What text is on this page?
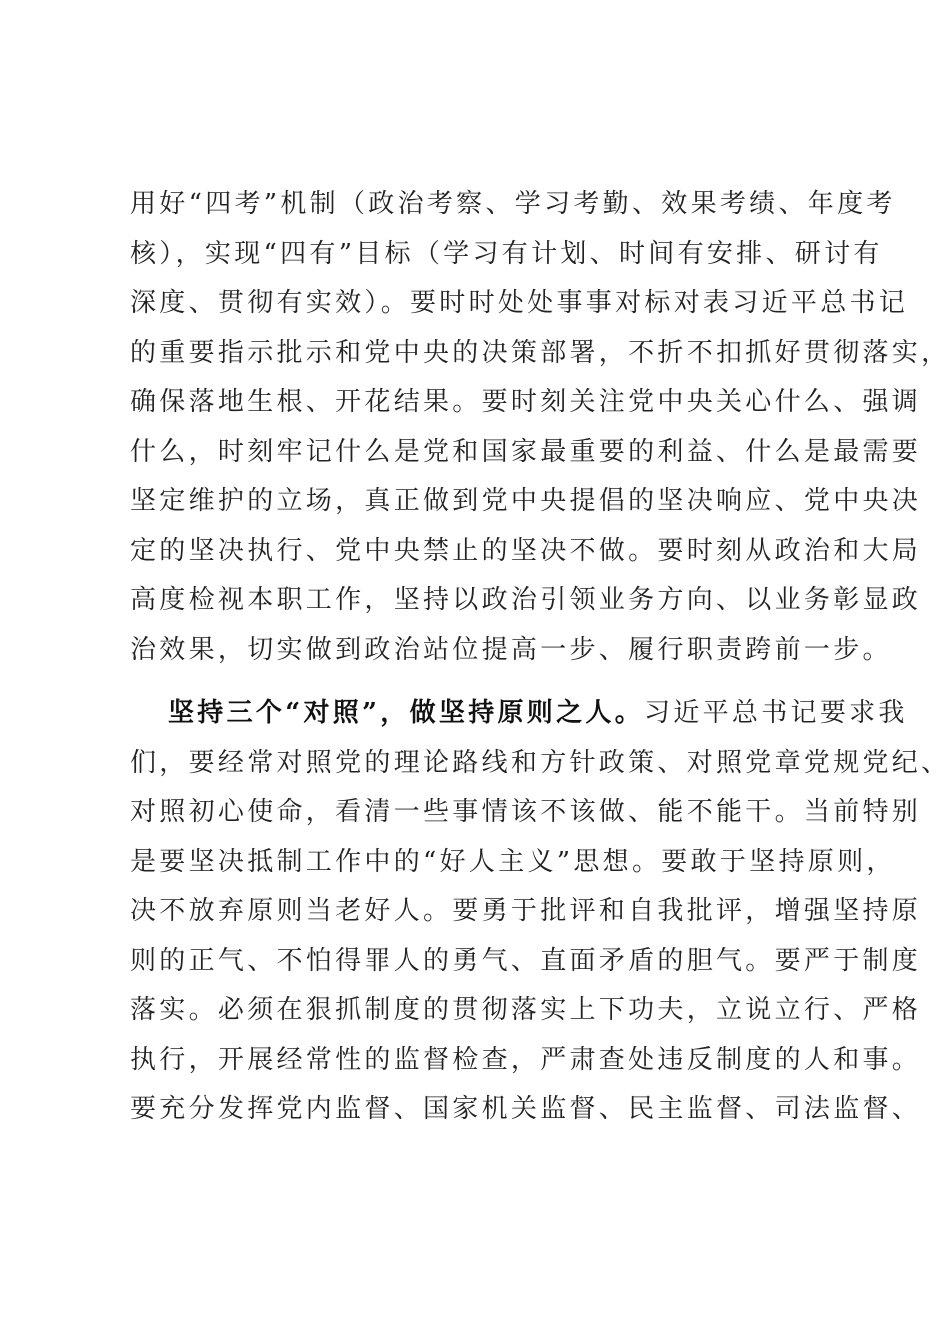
用好“四考”机制（政治考察、学习考勤、效果考绩、年度考
核），实现“四有”目标（学习有计划、时间有安排、研讨有
深度、贯彻有实效）。要时时处处事事对标对表习近平总书记
的重要指示批示和党中央的决策部署，不折不扣抓好贯彻落实，
确保落地生根、开花结果。要时刻关注党中央关心什么、强调
什么，时刻牢记什么是党和国家最重要的利益、什么是最需要
坚定维护的立场，真正做到党中央提倡的坚决响应、党中央决
定的坚决执行、党中央禁止的坚决不做。要时刻从政治和大局
高度检视本职工作，坚持以政治引领业务方向、以业务彰显政
治效果，切实做到政治站位提高一步、履行职责跨前一步。
坚持三个“对照”，做坚持原则之人。习近平总书记要求我
们，要经常对照党的理论路线和方针政策、对照党章党规党纪、
对照初心使命，看清一些事情该不该做、能不能干。当前特别
是要坚决抵制工作中的“好人主义”思想。要敢于坚持原则，
决不放弃原则当老好人。要勇于批评和自我批评，增强坚持原
则的正气、不怕得罪人的勇气、直面矛盾的胆气。要严于制度
落实。必须在狠抓制度的贯彻落实上下功夫，立说立行、严格
执行，开展经常性的监督检查，严肃查处违反制度的人和事。
要充分发挥党内监督、国家机关监督、民主监督、司法监督、
